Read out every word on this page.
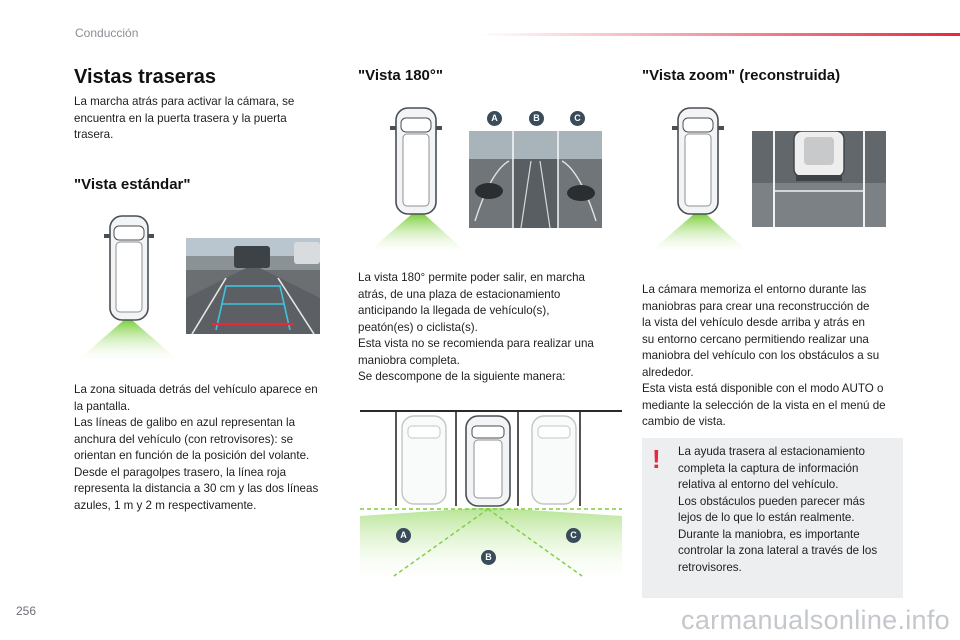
Conducción
Vistas traseras

La marcha atrás para activar la cámara, se
encuentra en la puerta trasera y la puerta
trasera.

"Vista estándar"

La zona situada detrás del vehículo aparece en
la pantalla.
Las líneas de galibo en azul representan la
anchura del vehículo (con retrovisores): se
orientan en función de la posición del volante.
Desde el paragolpes trasero, la línea roja
representa la distancia a 30 cm y las dos líneas
azules, 1 m y 2 m respectivamente.

"Vista 180°"
A	B	C

La vista 180° permite poder salir, en marcha
atrás, de una plaza de estacionamiento
anticipando la llegada de vehículo(s),
peatón(es) o ciclista(s).
Esta vista no se recomienda para realizar una
maniobra completa.
Se descompone de la siguiente manera:

A
B
C
"Vista zoom" (reconstruida)

La cámara memoriza el entorno durante las
maniobras para crear una reconstrucción de
la vista del vehículo desde arriba y atrás en
su entorno cercano permitiendo realizar una
maniobra del vehículo con los obstáculos a su
alrededor.
Esta vista está disponible con el modo AUTO o
mediante la selección de la vista en el menú de
cambio de vista.

! La ayuda trasera al estacionamiento
completa la captura de información
relativa al entorno del vehículo.
Los obstáculos pueden parecer más
lejos de lo que lo están realmente.
Durante la maniobra, es importante
controlar la zona lateral a través de los
retrovisores.

256	carmanualsonline.info
